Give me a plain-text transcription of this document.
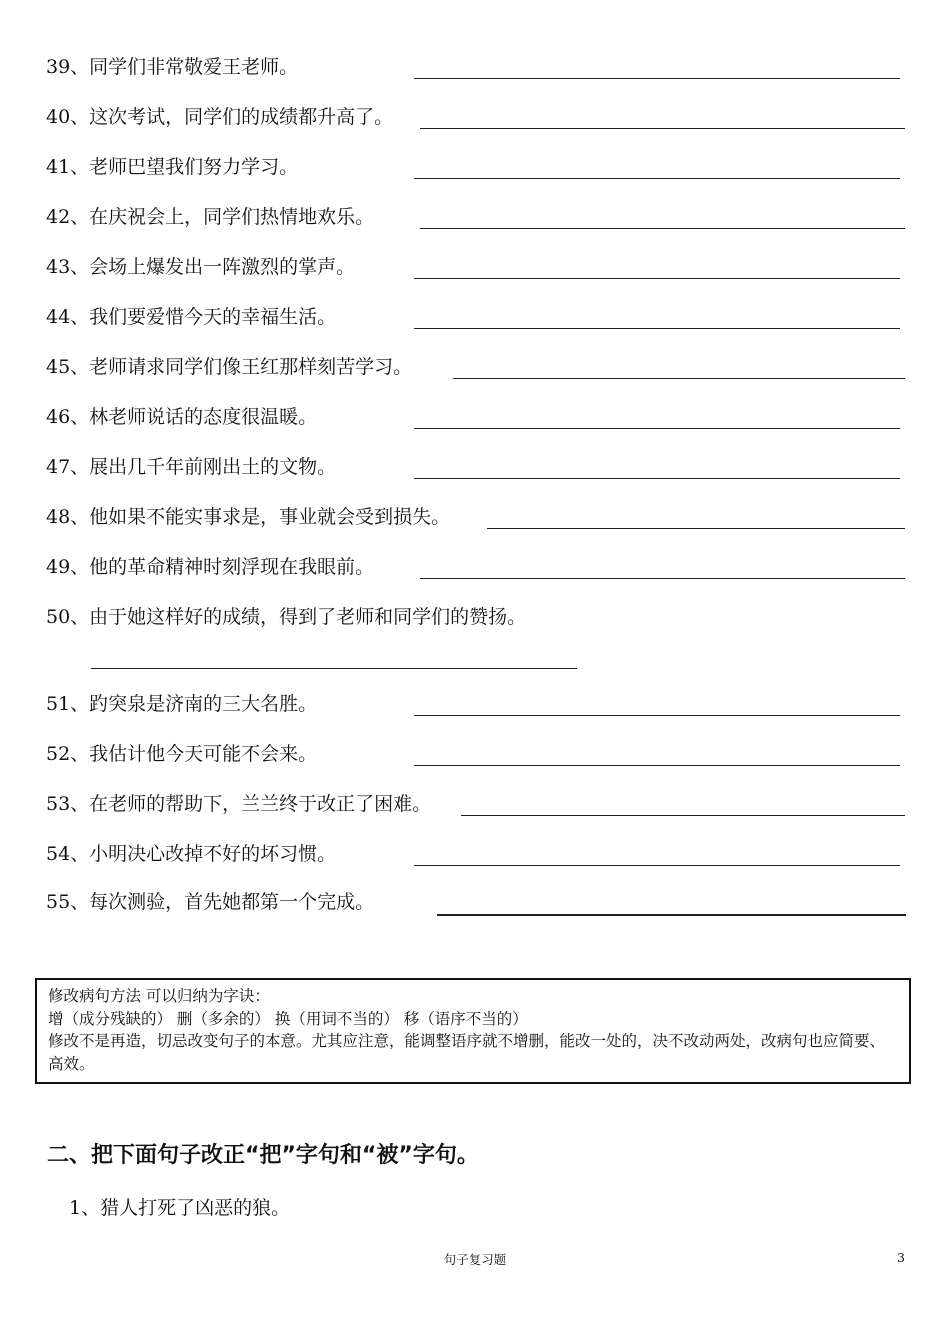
39、同学们非常敬爱王老师。
40、这次考试，同学们的成绩都升高了。
41、老师巴望我们努力学习。
42、在庆祝会上，同学们热情地欢乐。
43、会场上爆发出一阵激烈的掌声。
44、我们要爱惜今天的幸福生活。
45、老师请求同学们像王红那样刻苦学习。
46、林老师说话的态度很温暖。
47、展出几千年前刚出土的文物。
48、他如果不能实事求是，事业就会受到损失。
49、他的革命精神时刻浮现在我眼前。
50、由于她这样好的成绩，得到了老师和同学们的赞扬。
51、趵突泉是济南的三大名胜。
52、我估计他今天可能不会来。
53、在老师的帮助下，兰兰终于改正了困难。
54、小明决心改掉不好的坏习惯。
55、每次测验，首先她都第一个完成。
修改病句方法 可以归纳为字诀：
增（成分残缺的） 删（多余的） 换（用词不当的） 移（语序不当的）
修改不是再造，切忌改变句子的本意。尤其应注意，能调整语序就不增删，能改一处的，决不改动两处，改病句也应简要、高效。
二、把下面句子改正“把”字句和“被”字句。
1、猎人打死了凶恶的狼。
句子复习题	3
